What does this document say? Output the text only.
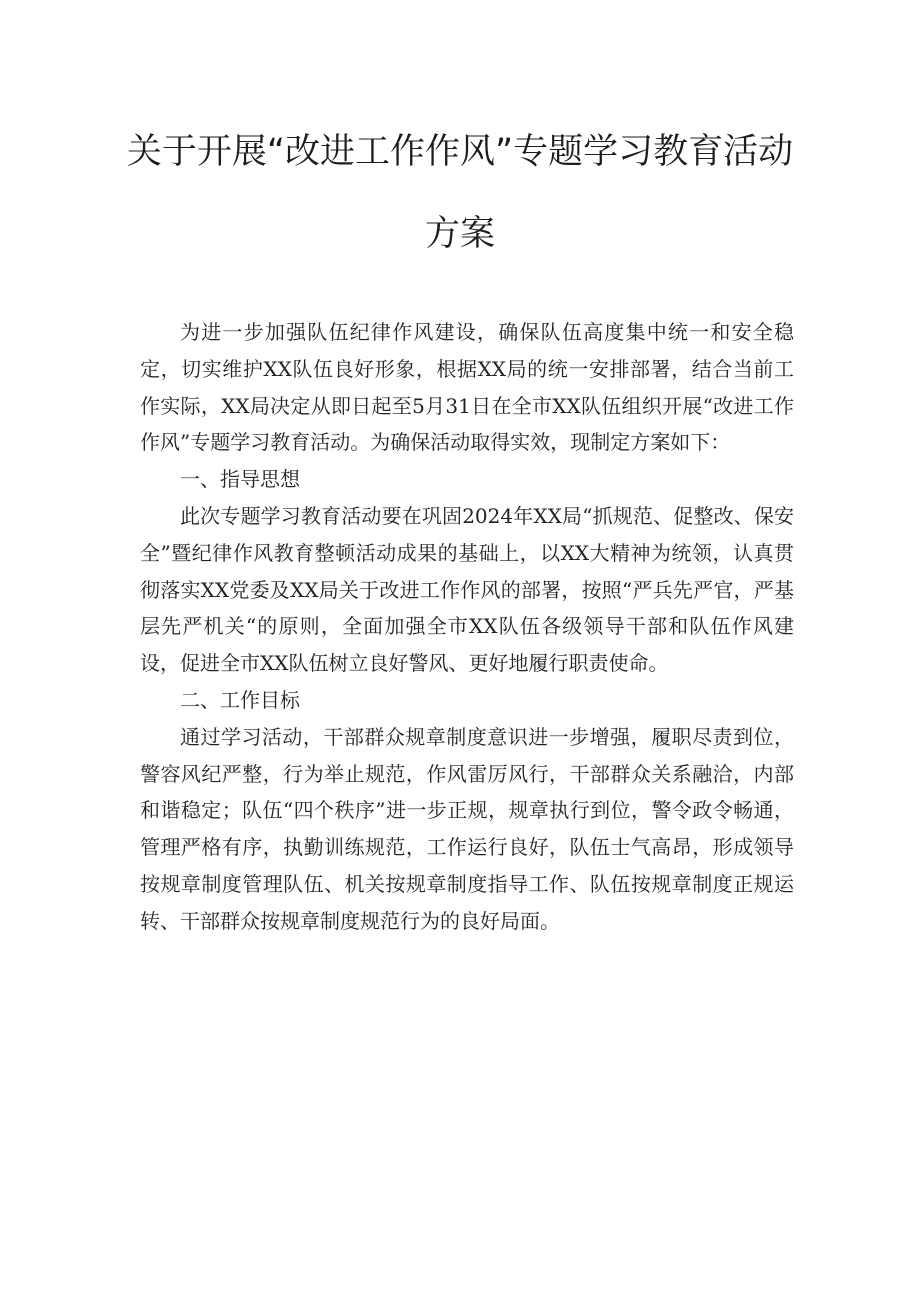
关于开展“改进工作作风”专题学习教育活动
方案

为进一步加强队伍纪律作风建设，确保队伍高度集中统一和安全稳定，切实维护XX队伍良好形象，根据XX局的统一安排部署，结合当前工作实际，XX局决定从即日起至5月31日在全市XX队伍组织开展“改进工作作风”专题学习教育活动。为确保活动取得实效，现制定方案如下：

一、指导思想

此次专题学习教育活动要在巩固2024年XX局“抓规范、促整改、保安全”暨纪律作风教育整顿活动成果的基础上，以XX大精神为统领，认真贯彻落实XX党委及XX局关于改进工作作风的部署，按照“严兵先严官，严基层先严机关“的原则，全面加强全市XX队伍各级领导干部和队伍作风建设，促进全市XX队伍树立良好警风、更好地履行职责使命。

二、工作目标

通过学习活动，干部群众规章制度意识进一步增强，履职尽责到位，警容风纪严整，行为举止规范，作风雷厉风行，干部群众关系融洽，内部和谐稳定；队伍“四个秩序”进一步正规，规章执行到位，警令政令畅通，管理严格有序，执勤训练规范，工作运行良好，队伍士气高昂，形成领导按规章制度管理队伍、机关按规章制度指导工作、队伍按规章制度正规运转、干部群众按规章制度规范行为的良好局面。
